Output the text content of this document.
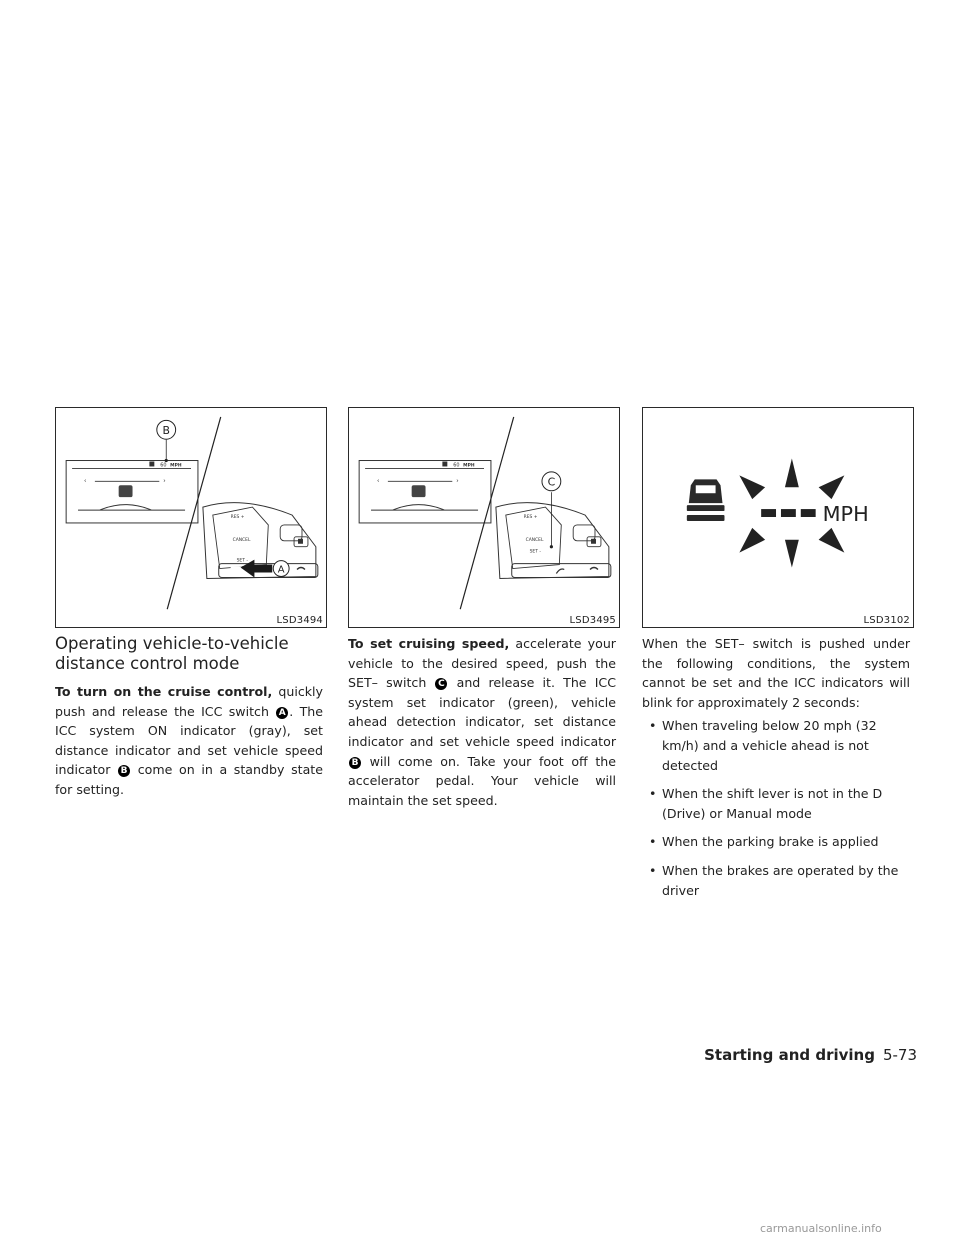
60 MPH
‹	›
B
RES +
CANCEL
SET -
A
LSD3494
60 MPH
‹	›
RES +
CANCEL
SET -
C
LSD3495
MPH
LSD3102
Operating vehicle-to-vehicle distance control mode

To turn on the cruise control, quickly push and release the ICC switch A . The ICC system ON indicator (gray), set distance indicator and set vehicle speed indicator B come on in a standby state for setting.

To set cruising speed, accelerate your vehicle to the desired speed, push the SET– switch C and release it. The ICC system set indicator (green), vehicle ahead detection indicator, set distance indicator and set vehicle speed indicator B will come on. Take your foot off the accelerator pedal. Your vehicle will maintain the set speed.

When the SET– switch is pushed under the following conditions, the system cannot be set and the ICC indicators will blink for approximately 2 seconds:

• When traveling below 20 mph (32 km/h) and a vehicle ahead is not detected
• When the shift lever is not in the D (Drive) or Manual mode
• When the parking brake is applied
• When the brakes are operated by the driver
Starting and driving 5-73
carmanualsonline.info
